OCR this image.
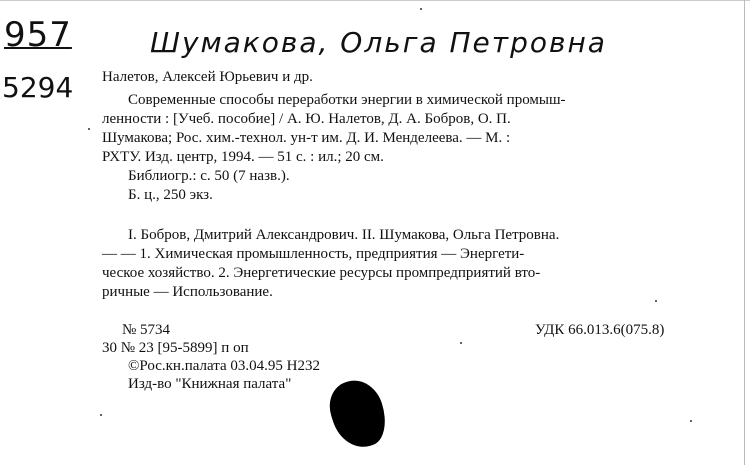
957
5294
Шумакова, Ольга Петровна
Налетов, Алексей Юрьевич и др.
Современные способы переработки энергии в химической промыш-
ленности : [Учеб. пособие] / А. Ю. Налетов, Д. А. Бобров, О. П.
Шумакова; Рос. хим.-технол. ун-т им. Д. И. Менделеева. — М. :
РХТУ. Изд. центр, 1994. — 51 с. : ил.; 20 см.
Библиогр.: с. 50 (7 назв.).
Б. ц., 250 экз.
I. Бобров, Дмитрий Александрович. II. Шумакова, Ольга Петровна.
— — 1. Химическая промышленность, предприятия — Энергети-
ческое хозяйство. 2. Энергетические ресурсы промпредприятий вто-
ричные — Использование.
№ 5734	УДК 66.013.6(075.8)
30 № 23 [95-5899] п оп
©Рос.кн.палата 03.04.95 Н232
Изд-во "Книжная палата"
